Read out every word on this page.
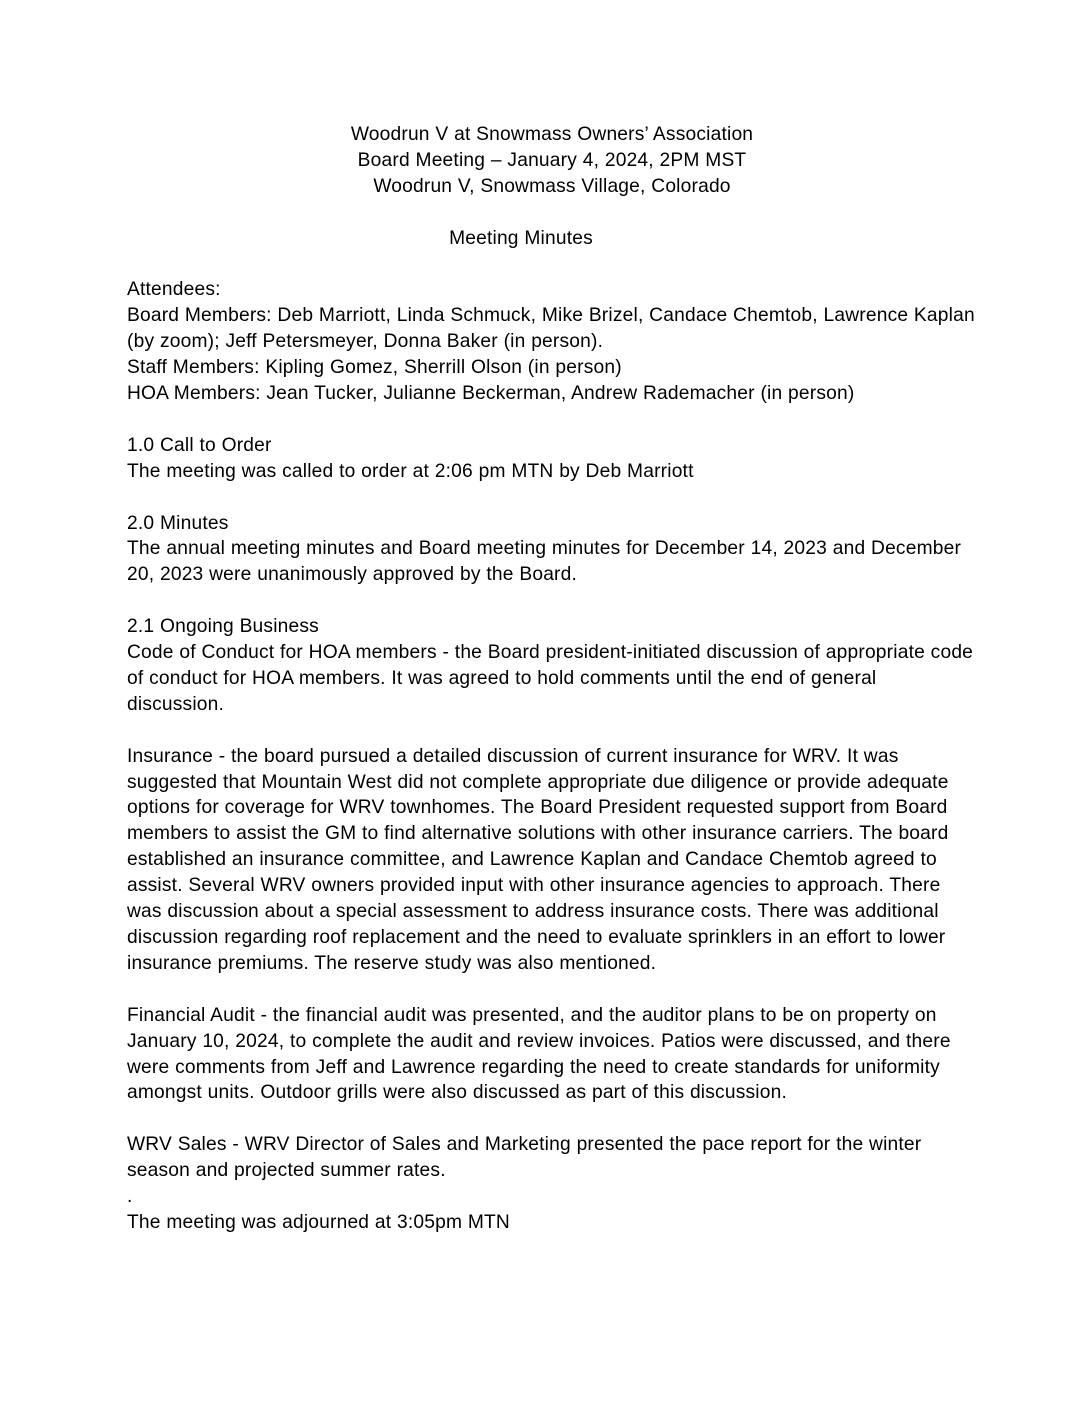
Woodrun V at Snowmass Owners’ Association
Board Meeting – January 4, 2024, 2PM MST
Woodrun V, Snowmass Village, Colorado
Meeting Minutes
Attendees:
Board Members: Deb Marriott, Linda Schmuck, Mike Brizel, Candace Chemtob, Lawrence Kaplan (by zoom); Jeff Petersmeyer, Donna Baker (in person).
Staff Members: Kipling Gomez, Sherrill Olson (in person)
HOA Members: Jean Tucker, Julianne Beckerman, Andrew Rademacher (in person)
1.0 Call to Order
The meeting was called to order at 2:06 pm MTN by Deb Marriott
2.0 Minutes
The annual meeting minutes and Board meeting minutes for December 14, 2023 and December 20, 2023 were unanimously approved by the Board.
2.1 Ongoing Business
Code of Conduct for HOA members - the Board president-initiated discussion of appropriate code of conduct for HOA members. It was agreed to hold comments until the end of general discussion.
Insurance - the board pursued a detailed discussion of current insurance for WRV. It was suggested that Mountain West did not complete appropriate due diligence or provide adequate options for coverage for WRV townhomes. The Board President requested support from Board members to assist the GM to find alternative solutions with other insurance carriers. The board established an insurance committee, and Lawrence Kaplan and Candace Chemtob agreed to assist. Several WRV owners provided input with other insurance agencies to approach. There was discussion about a special assessment to address insurance costs. There was additional discussion regarding roof replacement and the need to evaluate sprinklers in an effort to lower insurance premiums. The reserve study was also mentioned.
Financial Audit - the financial audit was presented, and the auditor plans to be on property on January 10, 2024, to complete the audit and review invoices. Patios were discussed, and there were comments from Jeff and Lawrence regarding the need to create standards for uniformity amongst units. Outdoor grills were also discussed as part of this discussion.
WRV Sales - WRV Director of Sales and Marketing presented the pace report for the winter season and projected summer rates.
.
The meeting was adjourned at 3:05pm MTN
